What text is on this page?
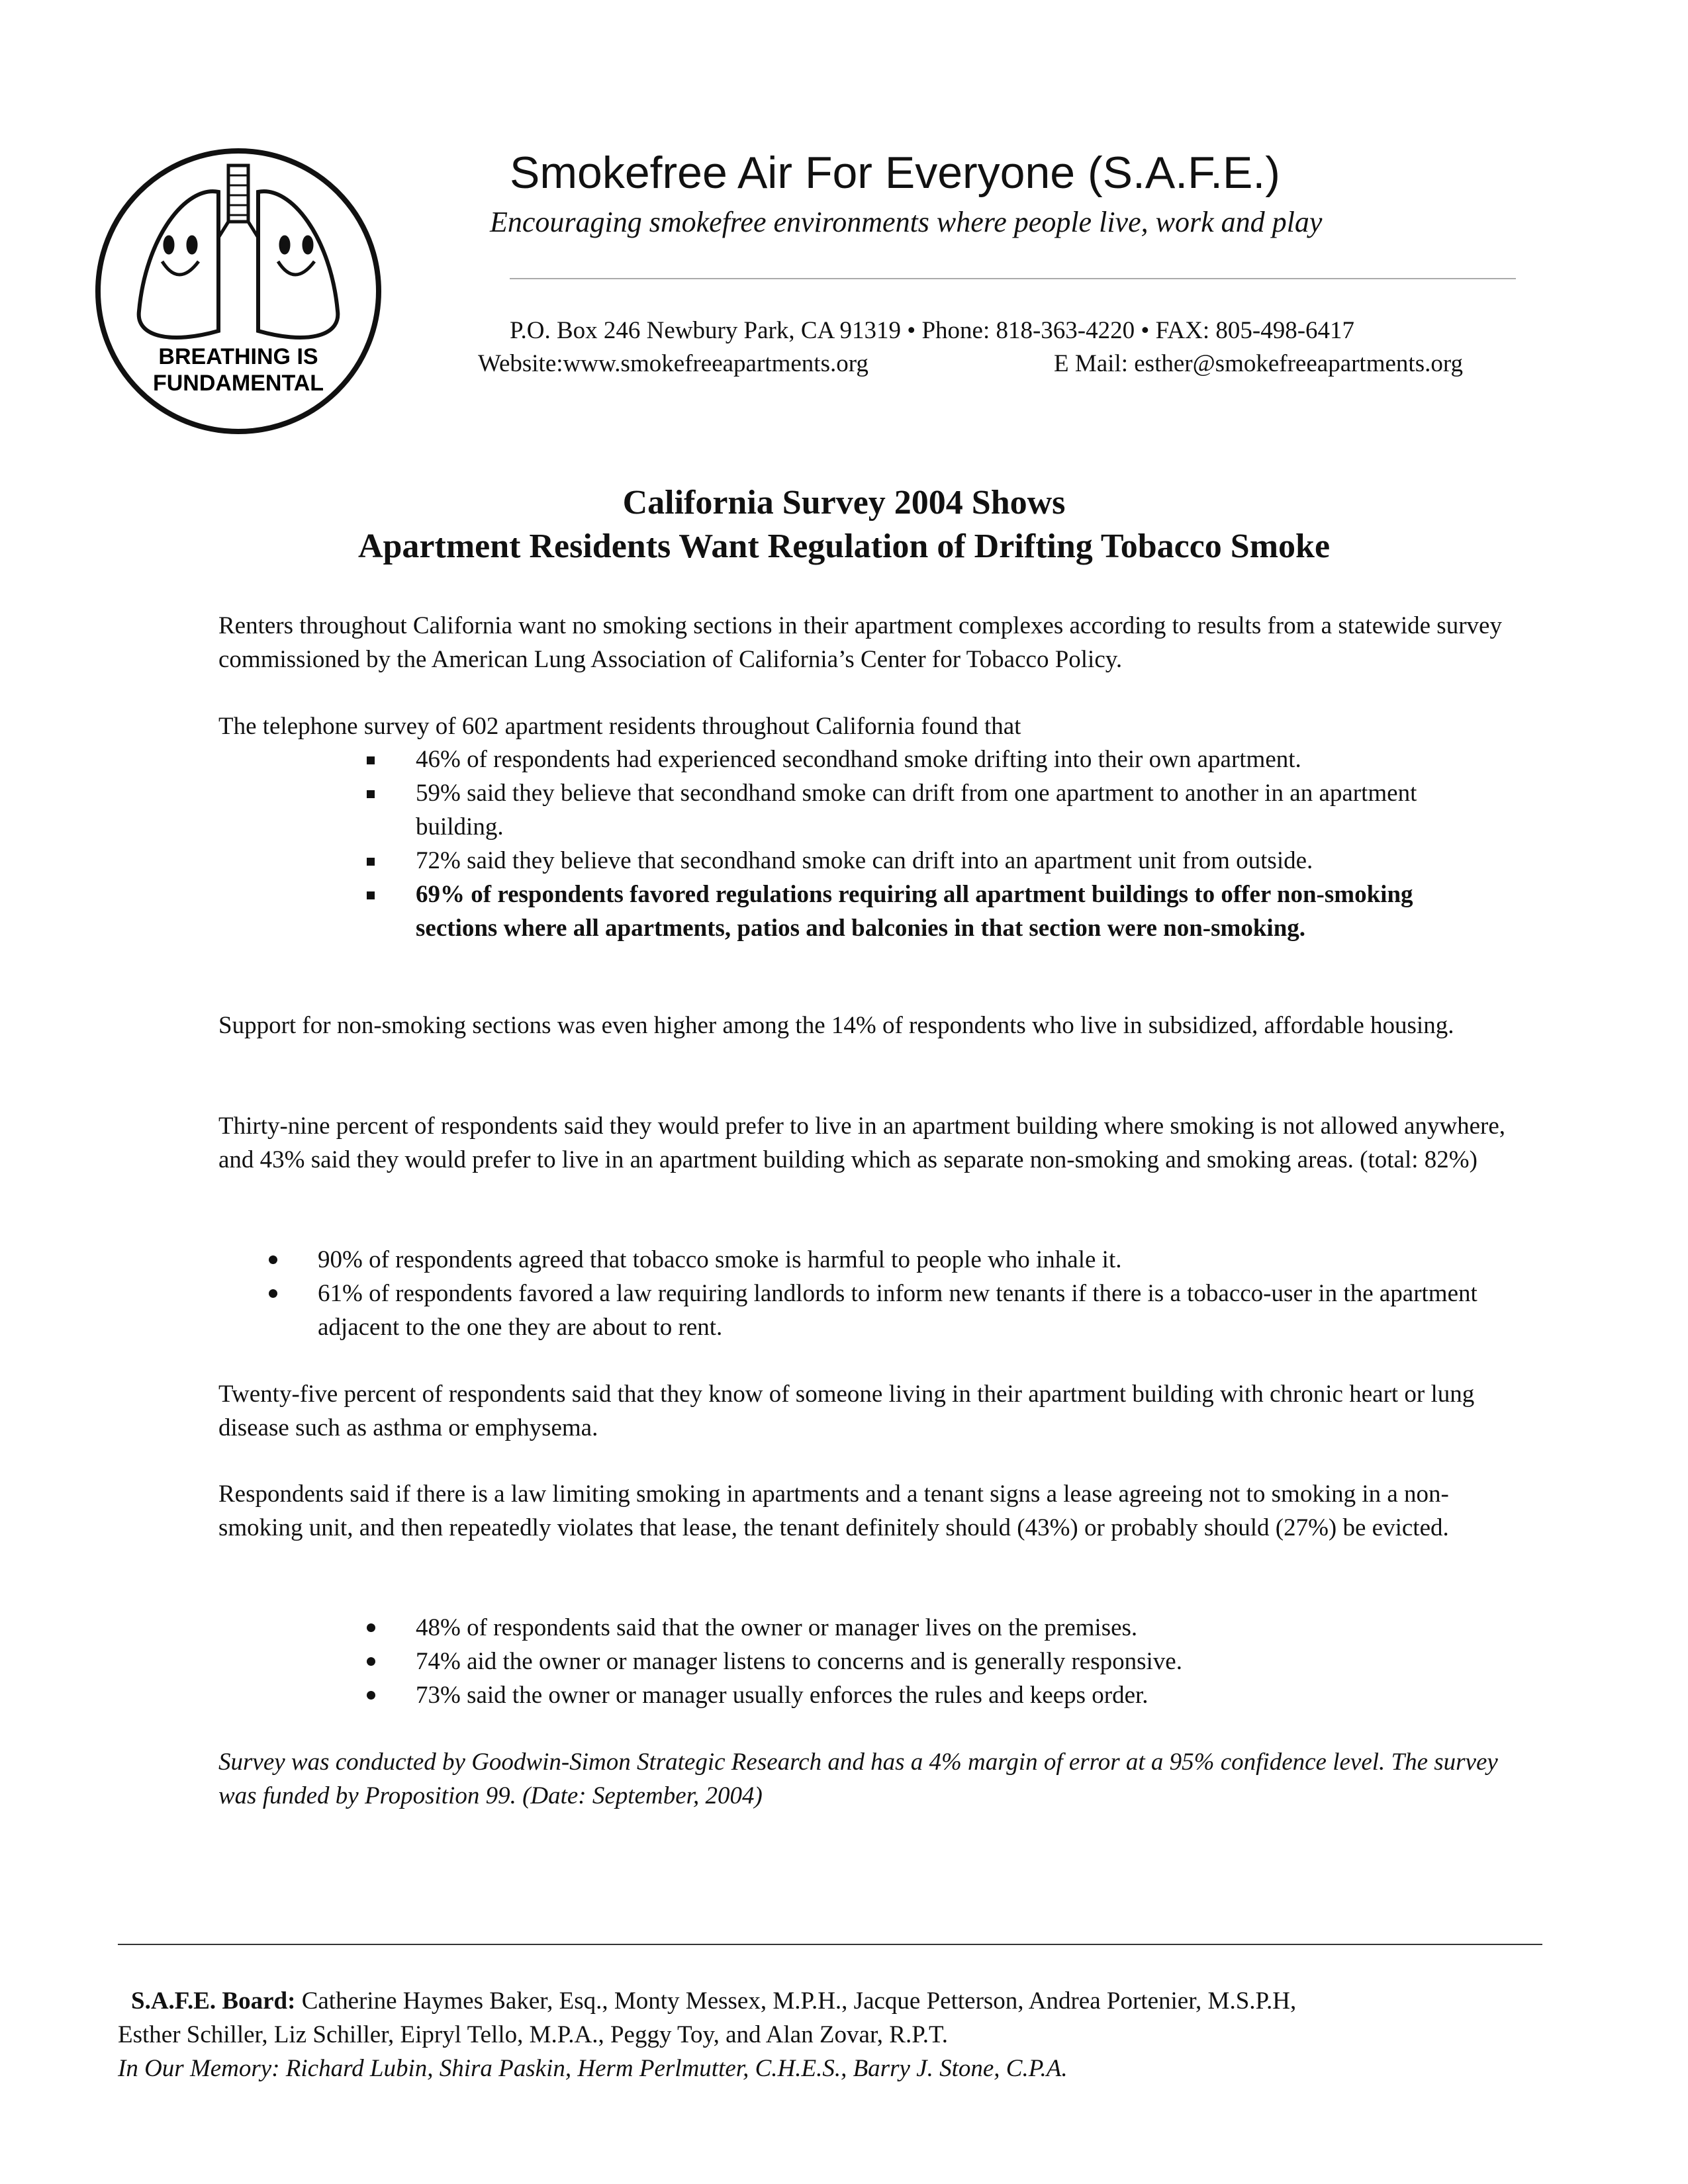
BREATHING IS
FUNDAMENTAL
Smokefree Air For Everyone (S.A.F.E.)
Encouraging smokefree environments where people live, work and play
P.O. Box 246 Newbury Park, CA 91319 • Phone: 818-363-4220 • FAX: 805-498-6417
Website:www.smokefreeapartments.org	E Mail: esther@smokefreeapartments.org
California Survey 2004 Shows
Apartment Residents Want Regulation of Drifting Tobacco Smoke

Renters throughout California want no smoking sections in their apartment complexes according to results from a statewide survey commissioned by the American Lung Association of California’s Center for Tobacco Policy.

The telephone survey of 602 apartment residents throughout California found that

46% of respondents had experienced secondhand smoke drifting into their own apartment.

59% said they believe that secondhand smoke can drift from one apartment to another in an apartment building.

72% said they believe that secondhand smoke can drift into an apartment unit from outside.

69% of respondents favored regulations requiring all apartment buildings to offer non-smoking sections where all apartments, patios and balconies in that section were non-smoking.

Support for non-smoking sections was even higher among the 14% of respondents who live in subsidized, affordable housing.

Thirty-nine percent of respondents said they would prefer to live in an apartment building where smoking is not allowed anywhere, and 43% said they would prefer to live in an apartment building which as separate non-smoking and smoking areas. (total: 82%)

90% of respondents agreed that tobacco smoke is harmful to people who inhale it.

61% of respondents favored a law requiring landlords to inform new tenants if there is a tobacco-user in the apartment adjacent to the one they are about to rent.

Twenty-five percent of respondents said that they know of someone living in their apartment building with chronic heart or lung disease such as asthma or emphysema.

Respondents said if there is a law limiting smoking in apartments and a tenant signs a lease agreeing not to smoking in a non-smoking unit, and then repeatedly violates that lease, the tenant definitely should (43%) or probably should (27%) be evicted.

48% of respondents said that the owner or manager lives on the premises.

74% aid the owner or manager listens to concerns and is generally responsive.

73% said the owner or manager usually enforces the rules and keeps order.

Survey was conducted by Goodwin-Simon Strategic Research and has a 4% margin of error at a 95% confidence level. The survey was funded by Proposition 99. (Date: September, 2004)

S.A.F.E. Board: Catherine Haymes Baker, Esq., Monty Messex, M.P.H., Jacque Petterson, Andrea Portenier, M.S.P.H,
Esther Schiller, Liz Schiller, Eipryl Tello, M.P.A., Peggy Toy, and Alan Zovar, R.P.T.
In Our Memory: Richard Lubin, Shira Paskin, Herm Perlmutter, C.H.E.S., Barry J. Stone, C.P.A.
